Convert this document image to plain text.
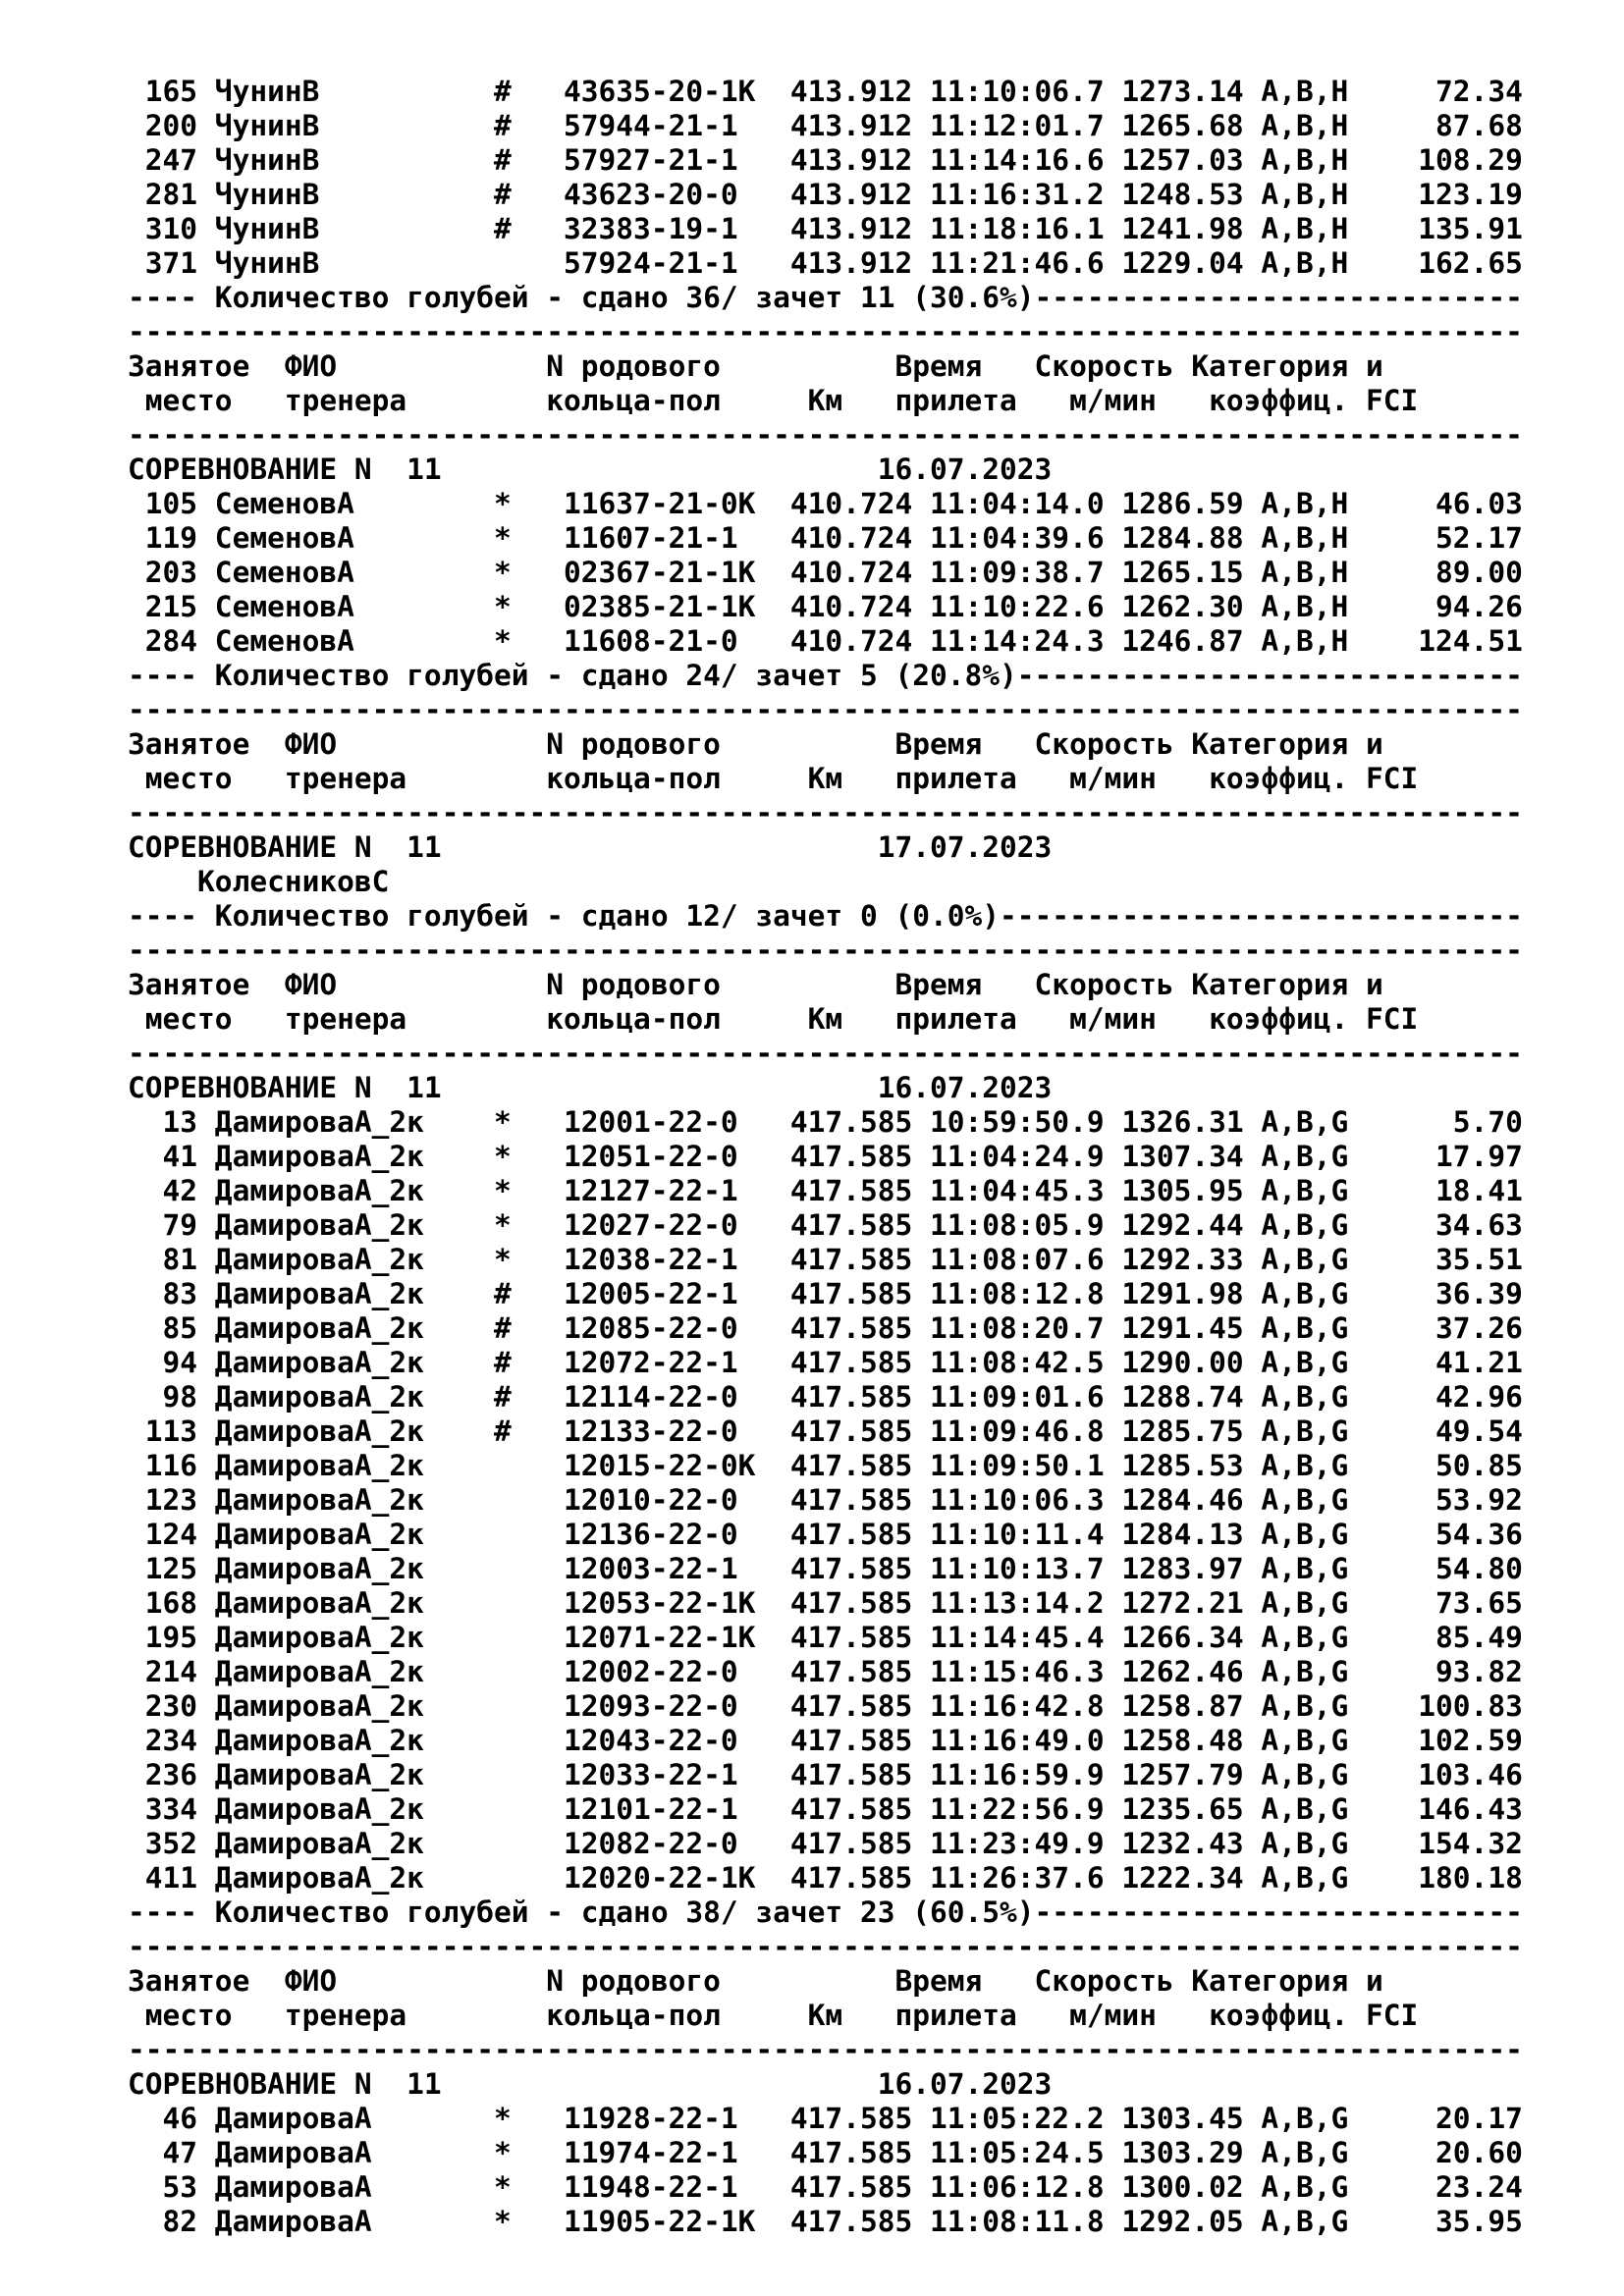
165 ЧунинВ          #   43635-20-1К  413.912 11:10:06.7 1273.14 A,B,H     72.34
200 ЧунинВ          #   57944-21-1   413.912 11:12:01.7 1265.68 A,B,H     87.68
247 ЧунинВ          #   57927-21-1   413.912 11:14:16.6 1257.03 A,B,H    108.29
281 ЧунинВ          #   43623-20-0   413.912 11:16:31.2 1248.53 A,B,H    123.19
310 ЧунинВ          #   32383-19-1   413.912 11:18:16.1 1241.98 A,B,H    135.91
371 ЧунинВ              57924-21-1   413.912 11:21:46.6 1229.04 A,B,H    162.65
---- Количество голубей - сдано 36/ зачет 11 (30.6%)----------------------------
--------------------------------------------------------------------------------
Занятое  ФИО            N родового          Время   Скорость Категория и
место   тренера        кольца-пол     Км   прилета   м/мин   коэффиц. FCI
--------------------------------------------------------------------------------
СОРЕВНОВАНИЕ N  11                         16.07.2023
105 СеменовА        *   11637-21-0К  410.724 11:04:14.0 1286.59 A,B,H     46.03
119 СеменовА        *   11607-21-1   410.724 11:04:39.6 1284.88 A,B,H     52.17
203 СеменовА        *   02367-21-1К  410.724 11:09:38.7 1265.15 A,B,H     89.00
215 СеменовА        *   02385-21-1К  410.724 11:10:22.6 1262.30 A,B,H     94.26
284 СеменовА        *   11608-21-0   410.724 11:14:24.3 1246.87 A,B,H    124.51
---- Количество голубей - сдано 24/ зачет 5 (20.8%)-----------------------------
--------------------------------------------------------------------------------
Занятое  ФИО            N родового          Время   Скорость Категория и
место   тренера        кольца-пол     Км   прилета   м/мин   коэффиц. FCI
--------------------------------------------------------------------------------
СОРЕВНОВАНИЕ N  11                         17.07.2023
КолесниковС
---- Количество голубей - сдано 12/ зачет 0 (0.0%)------------------------------
--------------------------------------------------------------------------------
Занятое  ФИО            N родового          Время   Скорость Категория и
место   тренера        кольца-пол     Км   прилета   м/мин   коэффиц. FCI
--------------------------------------------------------------------------------
СОРЕВНОВАНИЕ N  11                         16.07.2023
13 ДамироваА_2к    *   12001-22-0   417.585 10:59:50.9 1326.31 A,B,G      5.70
41 ДамироваА_2к    *   12051-22-0   417.585 11:04:24.9 1307.34 A,B,G     17.97
42 ДамироваА_2к    *   12127-22-1   417.585 11:04:45.3 1305.95 A,B,G     18.41
79 ДамироваА_2к    *   12027-22-0   417.585 11:08:05.9 1292.44 A,B,G     34.63
81 ДамироваА_2к    *   12038-22-1   417.585 11:08:07.6 1292.33 A,B,G     35.51
83 ДамироваА_2к    #   12005-22-1   417.585 11:08:12.8 1291.98 A,B,G     36.39
85 ДамироваА_2к    #   12085-22-0   417.585 11:08:20.7 1291.45 A,B,G     37.26
94 ДамироваА_2к    #   12072-22-1   417.585 11:08:42.5 1290.00 A,B,G     41.21
98 ДамироваА_2к    #   12114-22-0   417.585 11:09:01.6 1288.74 A,B,G     42.96
113 ДамироваА_2к    #   12133-22-0   417.585 11:09:46.8 1285.75 A,B,G     49.54
116 ДамироваА_2к        12015-22-0К  417.585 11:09:50.1 1285.53 A,B,G     50.85
123 ДамироваА_2к        12010-22-0   417.585 11:10:06.3 1284.46 A,B,G     53.92
124 ДамироваА_2к        12136-22-0   417.585 11:10:11.4 1284.13 A,B,G     54.36
125 ДамироваА_2к        12003-22-1   417.585 11:10:13.7 1283.97 A,B,G     54.80
168 ДамироваА_2к        12053-22-1К  417.585 11:13:14.2 1272.21 A,B,G     73.65
195 ДамироваА_2к        12071-22-1К  417.585 11:14:45.4 1266.34 A,B,G     85.49
214 ДамироваА_2к        12002-22-0   417.585 11:15:46.3 1262.46 A,B,G     93.82
230 ДамироваА_2к        12093-22-0   417.585 11:16:42.8 1258.87 A,B,G    100.83
234 ДамироваА_2к        12043-22-0   417.585 11:16:49.0 1258.48 A,B,G    102.59
236 ДамироваА_2к        12033-22-1   417.585 11:16:59.9 1257.79 A,B,G    103.46
334 ДамироваА_2к        12101-22-1   417.585 11:22:56.9 1235.65 A,B,G    146.43
352 ДамироваА_2к        12082-22-0   417.585 11:23:49.9 1232.43 A,B,G    154.32
411 ДамироваА_2к        12020-22-1К  417.585 11:26:37.6 1222.34 A,B,G    180.18
---- Количество голубей - сдано 38/ зачет 23 (60.5%)----------------------------
--------------------------------------------------------------------------------
Занятое  ФИО            N родового          Время   Скорость Категория и
место   тренера        кольца-пол     Км   прилета   м/мин   коэффиц. FCI
--------------------------------------------------------------------------------
СОРЕВНОВАНИЕ N  11                         16.07.2023
46 ДамироваА       *   11928-22-1   417.585 11:05:22.2 1303.45 A,B,G     20.17
47 ДамироваА       *   11974-22-1   417.585 11:05:24.5 1303.29 A,B,G     20.60
53 ДамироваА       *   11948-22-1   417.585 11:06:12.8 1300.02 A,B,G     23.24
82 ДамироваА       *   11905-22-1К  417.585 11:08:11.8 1292.05 A,B,G     35.95
